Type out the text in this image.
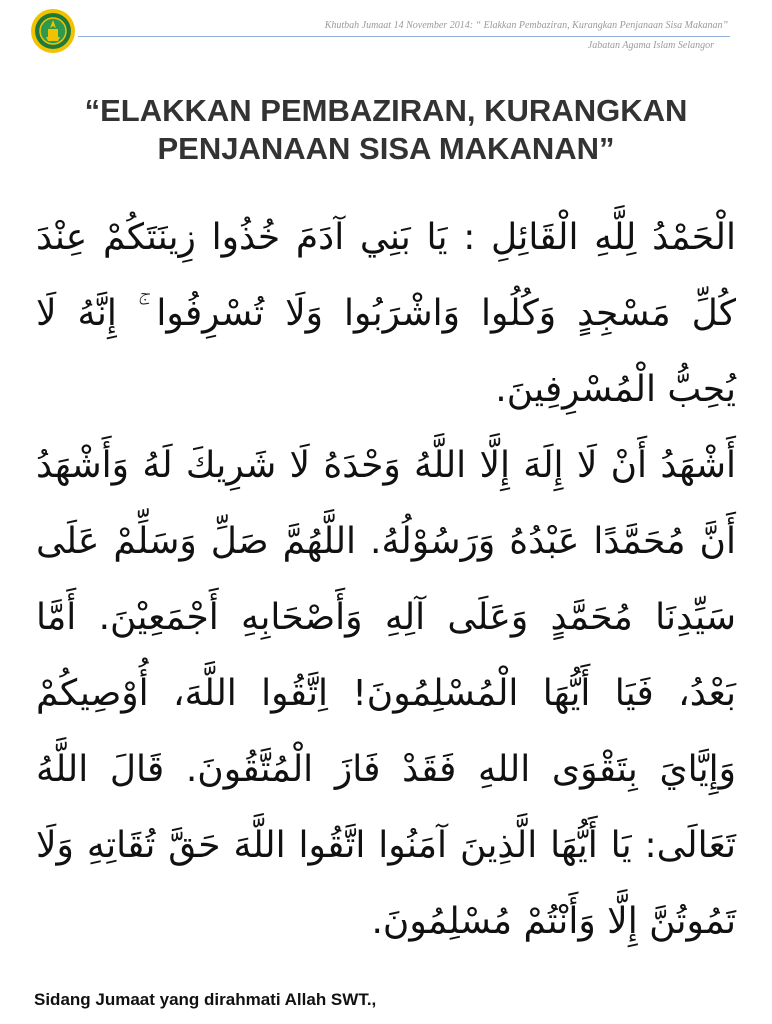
Khutbah Jumaat 14 November 2014: “ Elakkan Pembaziran, Kurangkan Penjanaan Sisa Makanan”
Jabatan Agama Islam Selangor
“ELAKKAN PEMBAZIRAN, KURANGKAN
PENJANAAN SISA MAKANAN”

الْحَمْدُ لِلَّهِ الْقَائِلِ : يَا بَنِي آدَمَ خُذُوا زِينَتَكُمْ عِنْدَ كُلِّ مَسْجِدٍ وَكُلُوا وَاشْرَبُوا وَلَا تُسْرِفُوا ۚ إِنَّهُ لَا يُحِبُّ الْمُسْرِفِينَ.

أَشْهَدُ أَنْ لَا إِلَهَ إِلَّا اللَّهُ وَحْدَهُ لَا شَرِيكَ لَهُ وَأَشْهَدُ أَنَّ مُحَمَّدًا عَبْدُهُ وَرَسُوْلُهُ. اللَّهُمَّ صَلِّ وَسَلِّمْ عَلَى سَيِّدِنَا مُحَمَّدٍ وَعَلَى آلِهِ وَأَصْحَابِهِ أَجْمَعِيْنَ. أَمَّا بَعْدُ، فَيَا أَيُّهَا الْمُسْلِمُونَ! اِتَّقُوا اللَّهَ، أُوْصِيكُمْ وَإِيَّايَ بِتَقْوَى اللهِ فَقَدْ فَازَ الْمُتَّقُونَ. قَالَ اللَّهُ تَعَالَى: يَا أَيُّهَا الَّذِينَ آمَنُوا اتَّقُوا اللَّهَ حَقَّ تُقَاتِهِ وَلَا تَمُوتُنَّ إِلَّا وَأَنْتُمْ مُسْلِمُونَ.

Sidang Jumaat yang dirahmati Allah SWT.,
